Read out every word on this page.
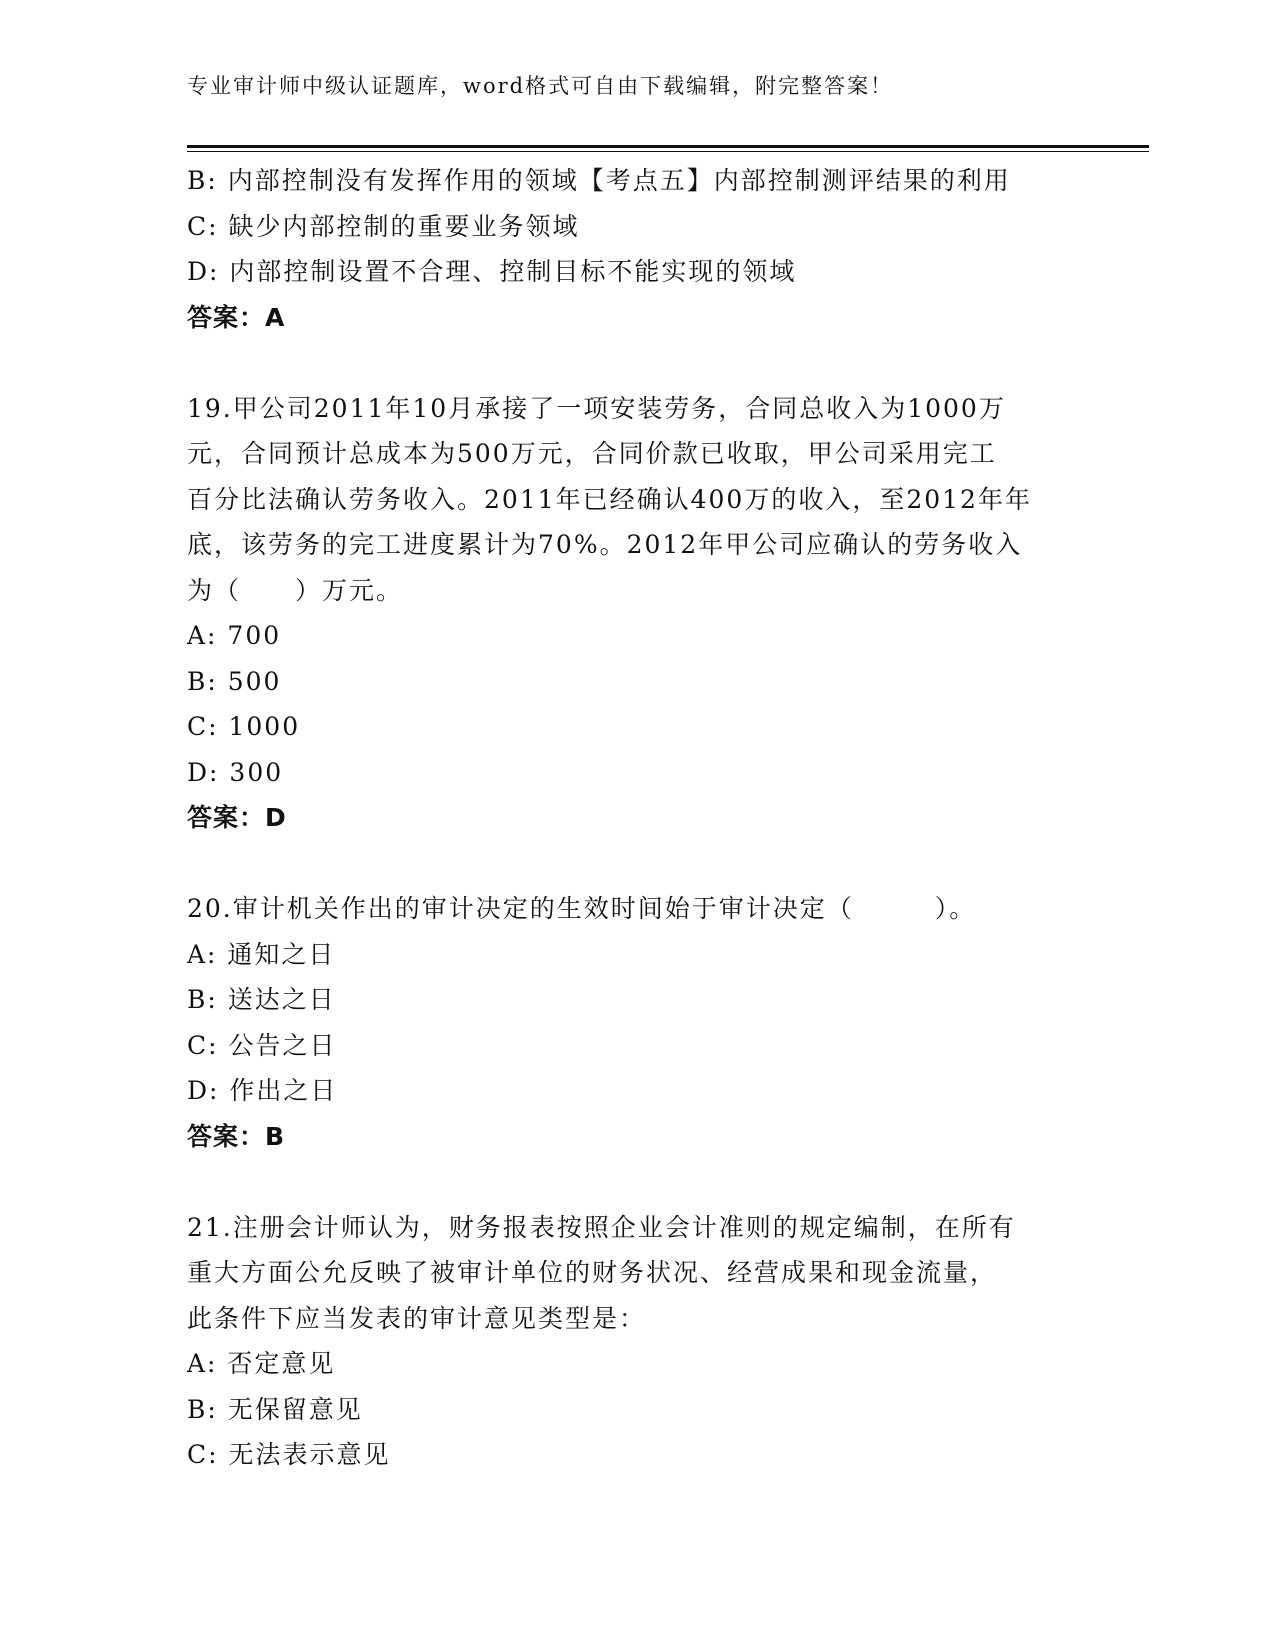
专业审计师中级认证题库，word格式可自由下载编辑，附完整答案！
B: 内部控制没有发挥作用的领域【考点五】内部控制测评结果的利用
C: 缺少内部控制的重要业务领域
D: 内部控制设置不合理、控制目标不能实现的领域
答案：A
19.甲公司2011年10月承接了一项安装劳务，合同总收入为1000万
元，合同预计总成本为500万元，合同价款已收取，甲公司采用完工
百分比法确认劳务收入。2011年已经确认400万的收入，至2012年年
底，该劳务的完工进度累计为70%。2012年甲公司应确认的劳务收入
为（　　）万元。
A: 700
B: 500
C: 1000
D: 300
答案：D
20.审计机关作出的审计决定的生效时间始于审计决定（　　　）。
A: 通知之日
B: 送达之日
C: 公告之日
D: 作出之日
答案：B
21.注册会计师认为，财务报表按照企业会计准则的规定编制，在所有
重大方面公允反映了被审计单位的财务状况、经营成果和现金流量，
此条件下应当发表的审计意见类型是：
A: 否定意见
B: 无保留意见
C: 无法表示意见
